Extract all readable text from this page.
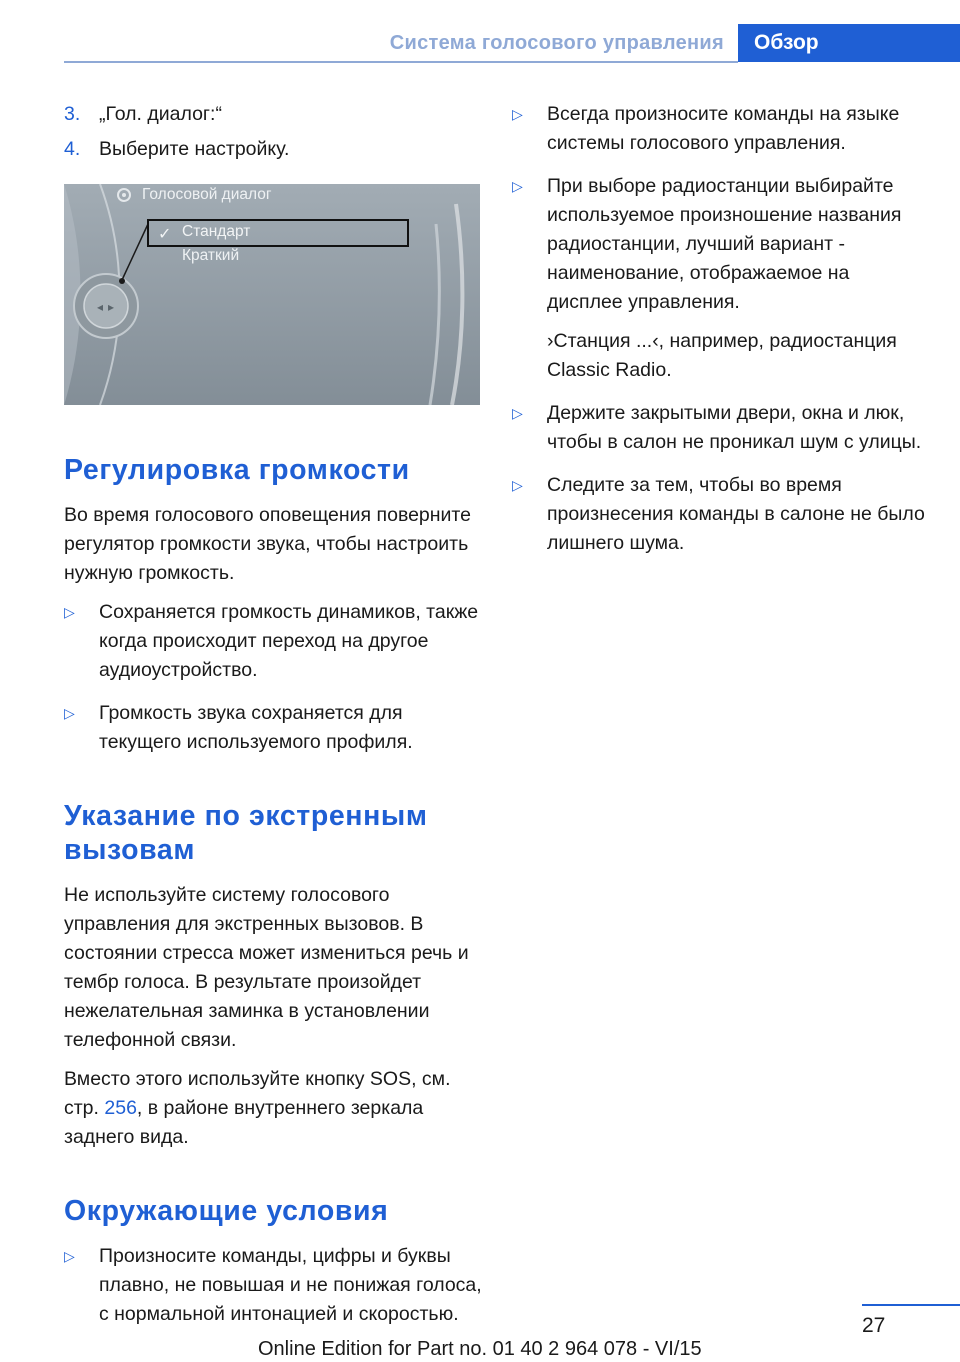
Система голосового управления	Обзор
3. „Гол. диалог:“
4. Выберите настройку.
◂ ▸
✓
Голосовой диалог
Стандарт
Краткий
Регулировка громкости

Во время голосового оповещения поверните регулятор громкости звука, чтобы настроить нужную громкость.

▷	Сохраняется громкость динамиков, также когда происходит переход на другое аудиоустройство.
▷	Громкость звука сохраняется для текущего используемого профиля.
Указание по экстренным вызовам

Не используйте систему голосового управления для экстренных вызовов. В состоянии стресса может измениться речь и тембр голоса. В результате произойдет нежелательная заминка в установлении телефонной связи.

Вместо этого используйте кнопку SOS, см. стр. 256, в районе внутреннего зеркала заднего вида.

Окружающие условия
▷	Произносите команды, цифры и буквы плавно, не повышая и не понижая голоса, с нормальной интонацией и скоростью.
▷	Всегда произносите команды на языке системы голосового управления.
▷	При выборе радиостанции выбирайте используемое произношение названия радиостанции, лучший вариант - наименование, отображаемое на дисплее управления.

›Станция ...‹, например, радиостанция Classic Radio.

▷	Держите закрытыми двери, окна и люк, чтобы в салон не проникал шум с улицы.
▷	Следите за тем, чтобы во время произнесения команды в салоне не было лишнего шума.
27
Online Edition for Part no. 01 40 2 964 078 - VI/15
